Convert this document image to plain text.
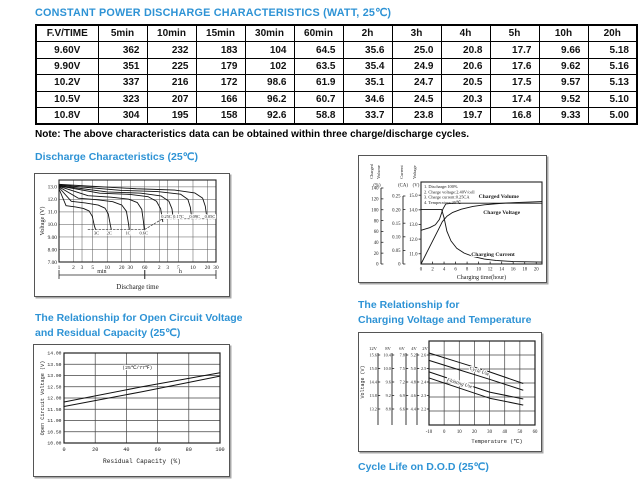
CONSTANT POWER DISCHARGE CHARACTERISTICS (WATT, 25℃)
F.V/TIME	5min	10min	15min	30min	60min	2h	3h	4h	5h	10h	20h
9.60V	362	232	183	104	64.5	35.6	25.0	20.8	17.7	9.66	5.18
9.90V	351	225	179	102	63.5	35.4	24.9	20.6	17.6	9.62	5.16
10.2V	337	216	172	98.6	61.9	35.1	24.7	20.5	17.5	9.57	5.13
10.5V	323	207	166	96.2	60.7	34.6	24.5	20.3	17.4	9.52	5.10
10.8V	304	195	158	92.6	58.8	33.7	23.8	19.7	16.8	9.33	5.00
Note: The above characteristics data can be obtained within three charge/discharge cycles.
Discharge Characteristics (25℃)
13.0
12.0
11.0
10.0
9.00
8.00
7.00
Voltage (V)
1 2 3 5 10 20 30 60 2 3 5 10 20 30
min	h
Discharge time
3C 2C	1C 0.6C
0.25C 0.17C 0.09C 0.05C
Charged Volume
(%)
0
20
40
60
80
100
120
140
Current
(CA)
0
0.05
0.10
0.15
0.20
0.25
Voltage
(V)
11.0
12.0
13.0
14.0
15.0
0 2 4 6 8 10 12 14 16 18 20
Charging time(hour)
1. Discharge:100%
2. Charge voltage:2.40V/cell
3. Charge current:0.25CA
4. Temperature:25℃
Charged Volume
Charge Voltage
Charging Current
The Relationship for Open Circuit Voltage
and Residual Capacity (25℃)
14.00
13.50
13.00
12.50
12.00
11.50
11.00
10.50
10.00
0	20	40	60	80	100
Residual Capacity (%)
Open Circuit Voltage (V)	(25℃/77℉)
The Relationship for
Charging Voltage and Temperature
Voltage (V)
12V
15.6
15.0
14.4
13.8
13.2
8V
10.4
10.0
9.6
9.2
8.8
6V
7.8
7.5
7.2
6.9
6.6
4V
5.2
5.0
4.8
4.6
4.4
2V
2.6
2.5
2.4
2.3
2.2
-10 0 10 20 30 40 50 60
Temperature (℃)
Cycle Use
Floating Use
Cycle Life on D.O.D (25℃)
